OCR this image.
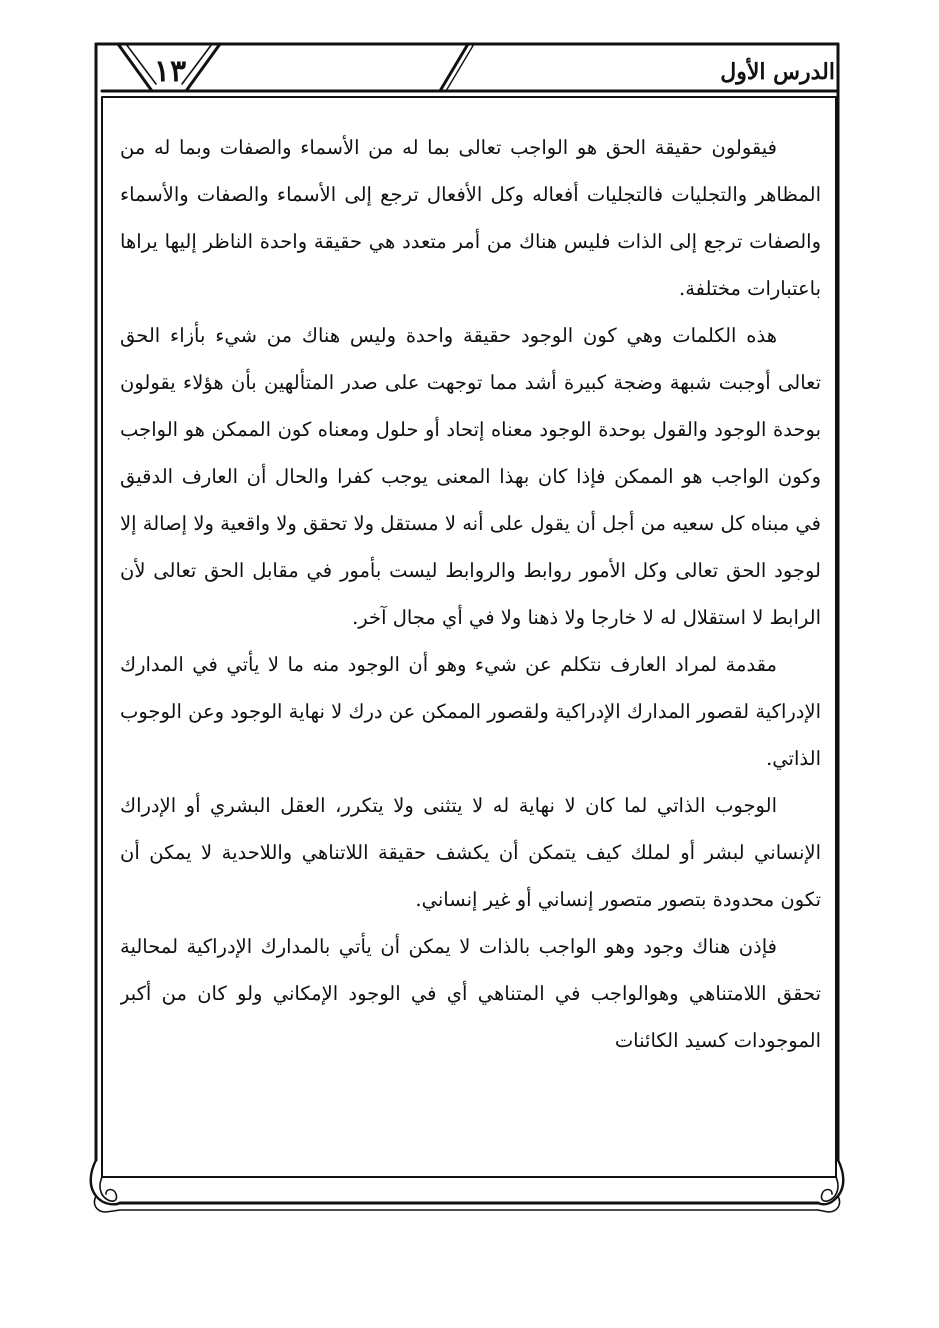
١٣	الدرس الأول

فيقولون حقيقة الحق هو الواجب تعالى بما له من الأسماء والصفات وبما له من المظاهر والتجليات فالتجليات أفعاله وكل الأفعال ترجع إلى الأسماء والصفات والأسماء والصفات ترجع إلى الذات فليس هناك من أمر متعدد هي حقيقة واحدة الناظر إليها يراها باعتبارات مختلفة.

هذه الكلمات وهي كون الوجود حقيقة واحدة وليس هناك من شيء بأزاء الحق تعالى أوجبت شبهة وضجة كبيرة أشد مما توجهت على صدر المتألهين بأن هؤلاء يقولون بوحدة الوجود والقول بوحدة الوجود معناه إتحاد أو حلول ومعناه كون الممكن هو الواجب وكون الواجب هو الممكن فإذا كان بهذا المعنى يوجب كفرا والحال أن العارف الدقيق في مبناه كل سعيه من أجل أن يقول على أنه لا مستقل ولا تحقق ولا واقعية ولا إصالة إلا لوجود الحق تعالى وكل الأمور روابط والروابط ليست بأمور في مقابل الحق تعالى لأن الرابط لا استقلال له لا خارجا ولا ذهنا ولا في أي مجال آخر.

مقدمة لمراد العارف نتكلم عن شيء وهو أن الوجود منه ما لا يأتي في المدارك الإدراكية لقصور المدارك الإدراكية ولقصور الممكن عن درك لا نهاية الوجود وعن الوجوب الذاتي.

الوجوب الذاتي لما كان لا نهاية له لا يتثنى ولا يتكرر، العقل البشري أو الإدراك الإنساني لبشر أو لملك كيف يتمكن أن يكشف حقيقة اللاتناهي واللاحدية لا يمكن أن تكون محدودة بتصور متصور إنساني أو غير إنساني.

فإذن هناك وجود وهو الواجب بالذات لا يمكن أن يأتي بالمدارك الإدراكية لمحالية تحقق اللامتناهي وهوالواجب في المتناهي أي في الوجود الإمكاني ولو كان من أكبر الموجودات كسيد الكائنات
